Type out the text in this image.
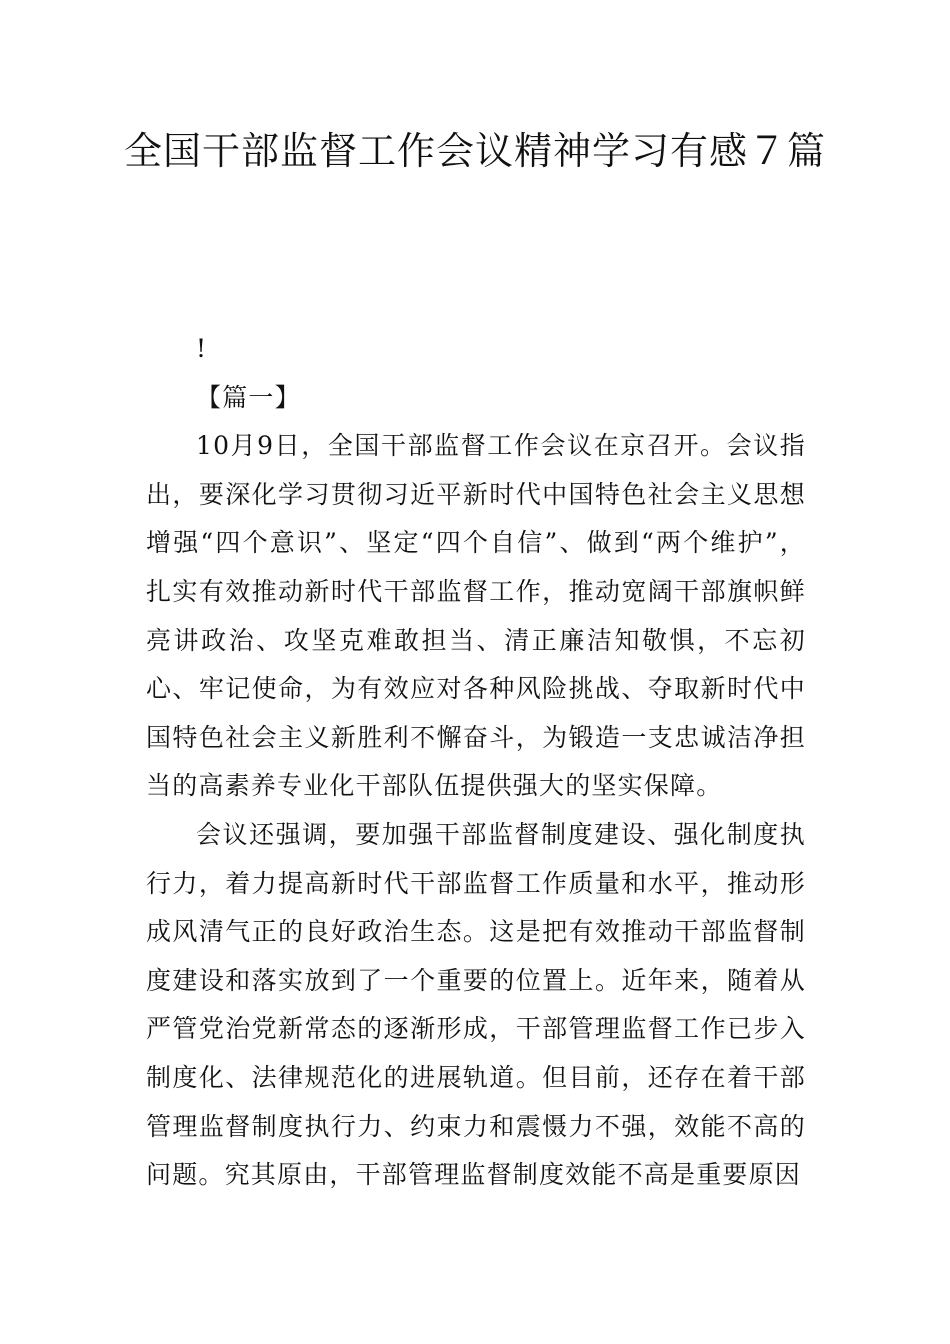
全国干部监督工作会议精神学习有感７篇

!

【篇一】

10月9日，全国干部监督工作会议在京召开。会议指出，要深化学习贯彻习近平新时代中国特色社会主义思想增强“四个意识”、坚定“四个自信”、做到“两个维护”，扎实有效推动新时代干部监督工作，推动宽阔干部旗帜鲜亮讲政治、攻坚克难敢担当、清正廉洁知敬惧，不忘初心、牢记使命，为有效应对各种风险挑战、夺取新时代中国特色社会主义新胜利不懈奋斗，为锻造一支忠诚洁净担当的高素养专业化干部队伍提供强大的坚实保障。

会议还强调，要加强干部监督制度建设、强化制度执行力，着力提高新时代干部监督工作质量和水平，推动形成风清气正的良好政治生态。这是把有效推动干部监督制度建设和落实放到了一个重要的位置上。近年来，随着从严管党治党新常态的逐渐形成，干部管理监督工作已步入制度化、法律规范化的进展轨道。但目前，还存在着干部管理监督制度执行力、约束力和震慑力不强，效能不高的问题。究其原由，干部管理监督制度效能不高是重要原因
